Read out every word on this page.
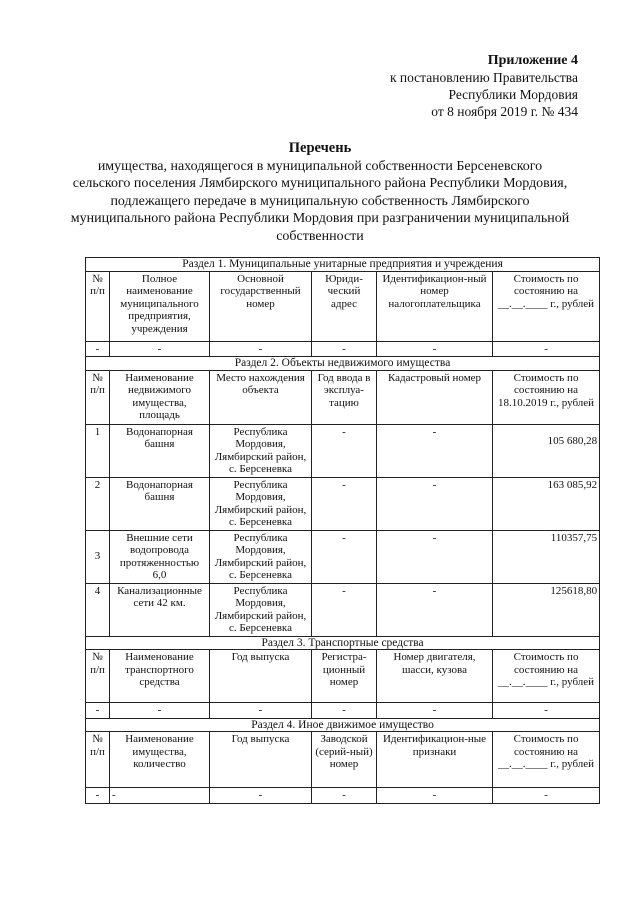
Приложение 4
к постановлению Правительства
Республики Мордовия
от 8 ноября 2019 г. № 434
Перечень
имущества, находящегося в муниципальной собственности Берсеневского сельского поселения Лямбирского муниципального района Республики Мордовия, подлежащего передаче в муниципальную собственность Лямбирского муниципального района Республики Мордовия при разграничении муниципальной собственности
Раздел 1. Муниципальные унитарные предприятия и учреждения					
№ п/п	Полное наименование муниципального предприятия, учреждения	Основной государственный номер	Юриди-ческий адрес	Идентификацион-ный номер налогоплательщика	Стоимость по состоянию на __.__.____ г., рублей
-	-	-	-	-	-
Раздел 2. Объекты недвижимого имущества					
№ п/п	Наименование недвижимого имущества, площадь	Место нахождения объекта	Год ввода в эксплуа-тацию	Кадастровый номер	Стоимость по состоянию на 18.10.2019 г., рублей
1	Водонапорная башня	Республика Мордовия, Лямбирский район, с. Берсеневка	-	-	105 680,28
2	Водонапорная башня	Республика Мордовия, Лямбирский район, с. Берсеневка	-	-	163 085,92
3	Внешние сети водопровода протяженностью 6,0	Республика Мордовия, Лямбирский район, с. Берсеневка	-	-	110357,75
4	Канализационные сети 42 км.	Республика Мордовия, Лямбирский район, с. Берсеневка	-	-	125618,80
Раздел 3. Транспортные средства					
№ п/п	Наименование транспортного средства	Год выпуска	Регистра-ционный номер	Номер двигателя, шасси, кузова	Стоимость по состоянию на __.__.____ г., рублей
-	-	-	-	-	-
Раздел 4. Иное движимое имущество					
№ п/п	Наименование имущества, количество	Год выпуска	Заводской (серий-ный) номер	Идентификацион-ные признаки	Стоимость по состоянию на __.__.____ г., рублей
-	-	-	-	-	-
